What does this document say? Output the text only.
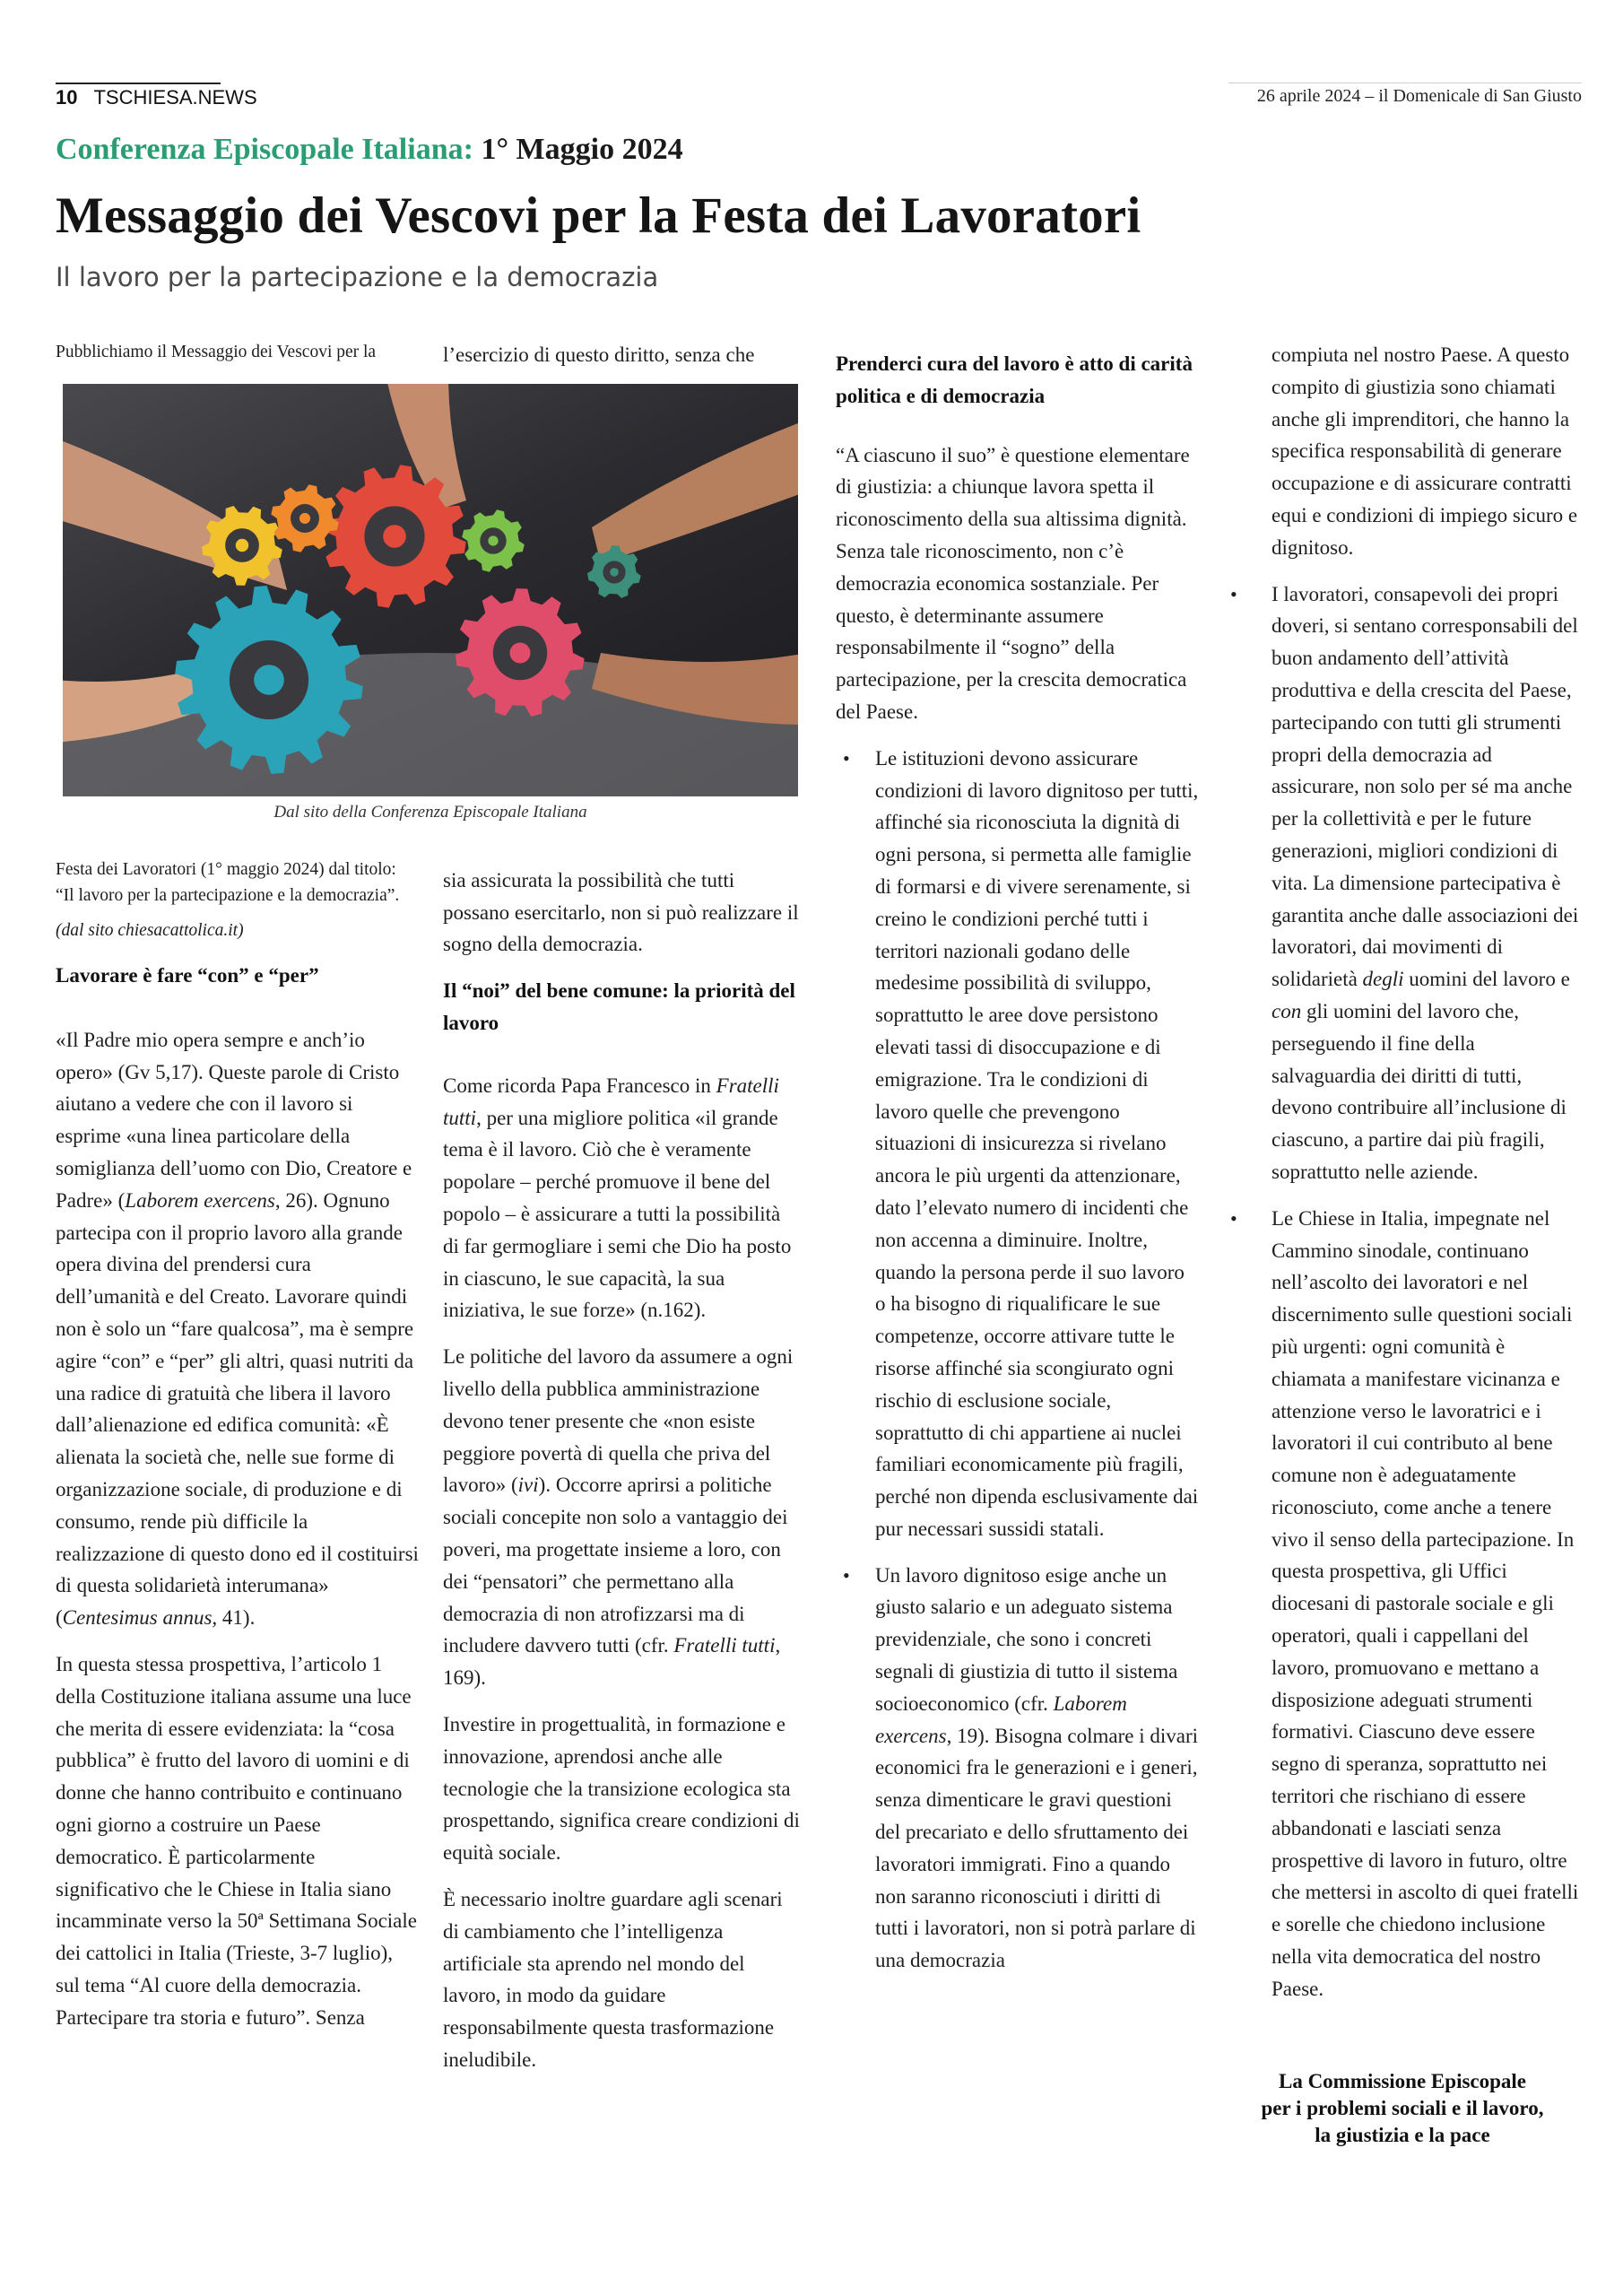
10 TSCHIESA.NEWS	26 aprile 2024 – il Domenicale di San Giusto
Conferenza Episcopale Italiana: 1° Maggio 2024
Messaggio dei Vescovi per la Festa dei Lavoratori
Il lavoro per la partecipazione e la democrazia

Pubblichiamo il Messaggio dei Vescovi per la

Festa dei Lavoratori (1° maggio 2024) dal titolo: “Il lavoro per la partecipazione e la democrazia”.

(dal sito chiesacattolica.it)

Lavorare è fare “con” e “per”

«Il Padre mio opera sempre e anch’io opero» (Gv 5,17). Queste parole di Cristo aiutano a vedere che con il lavoro si esprime «una linea particolare della somiglianza dell’uomo con Dio, Creatore e Padre» (Laborem exercens, 26). Ognuno partecipa con il proprio lavoro alla grande opera divina del prendersi cura dell’umanità e del Creato. Lavorare quindi non è solo un “fare qualcosa”, ma è sempre agire “con” e “per” gli altri, quasi nutriti da una radice di gratuità che libera il lavoro dall’alienazione ed edifica comunità: «È alienata la società che, nelle sue forme di organizzazione sociale, di produzione e di consumo, rende più difficile la realizzazione di questo dono ed il costituirsi di questa solidarietà interumana» (Centesimus annus, 41).

In questa stessa prospettiva, l’articolo 1 della Costituzione italiana assume una luce che merita di essere evidenziata: la “cosa pubblica” è frutto del lavoro di uomini e di donne che hanno contribuito e continuano ogni giorno a costruire un Paese democratico. È particolarmente significativo che le Chiese in Italia siano incamminate verso la 50ª Settimana Sociale dei cattolici in Italia (Trieste, 3-7 luglio), sul tema “Al cuore della democrazia. Partecipare tra storia e futuro”. Senza

l’esercizio di questo diritto, senza che

sia assicurata la possibilità che tutti possano esercitarlo, non si può realizzare il sogno della democrazia.

Il “noi” del bene comune: la priorità del lavoro

Come ricorda Papa Francesco in Fratelli tutti, per una migliore politica «il grande tema è il lavoro. Ciò che è veramente popolare – perché promuove il bene del popolo – è assicurare a tutti la possibilità di far germogliare i semi che Dio ha posto in ciascuno, le sue capacità, la sua iniziativa, le sue forze» (n.162).

Le politiche del lavoro da assumere a ogni livello della pubblica amministrazione devono tener presente che «non esiste peggiore povertà di quella che priva del lavoro» (ivi). Occorre aprirsi a politiche sociali concepite non solo a vantaggio dei poveri, ma progettate insieme a loro, con dei “pensatori” che permettano alla democrazia di non atrofizzarsi ma di includere davvero tutti (cfr. Fratelli tutti, 169).

Investire in progettualità, in formazione e innovazione, aprendosi anche alle tecnologie che la transizione ecologica sta prospettando, significa creare condizioni di equità sociale.

È necessario inoltre guardare agli scenari di cambiamento che l’intelligenza artificiale sta aprendo nel mondo del lavoro, in modo da guidare responsabilmente questa trasformazione ineludibile.

Prenderci cura del lavoro è atto di carità politica e di democrazia

“A ciascuno il suo” è questione elementare di giustizia: a chiunque lavora spetta il riconoscimento della sua altissima dignità. Senza tale riconoscimento, non c’è democrazia economica sostanziale. Per questo, è determinante assumere responsabilmente il “sogno” della partecipazione, per la crescita democratica del Paese.

• Le istituzioni devono assicurare condizioni di lavoro dignitoso per tutti, affinché sia riconosciuta la dignità di ogni persona, si permetta alle famiglie di formarsi e di vivere serenamente, si creino le condizioni perché tutti i territori nazionali godano delle medesime possibilità di sviluppo, soprattutto le aree dove persistono elevati tassi di disoccupazione e di emigrazione. Tra le condizioni di lavoro quelle che prevengono situazioni di insicurezza si rivelano ancora le più urgenti da attenzionare, dato l’elevato numero di incidenti che non accenna a diminuire. Inoltre, quando la persona perde il suo lavoro o ha bisogno di riqualificare le sue competenze, occorre attivare tutte le risorse affinché sia scongiurato ogni rischio di esclusione sociale, soprattutto di chi appartiene ai nuclei familiari economicamente più fragili, perché non dipenda esclusivamente dai pur necessari sussidi statali.
• Un lavoro dignitoso esige anche un giusto salario e un adeguato sistema previdenziale, che sono i concreti segnali di giustizia di tutto il sistema socioeconomico (cfr. Laborem exercens, 19). Bisogna colmare i divari economici fra le generazioni e i generi, senza dimenticare le gravi questioni del precariato e dello sfruttamento dei lavoratori immigrati. Fino a quando non saranno riconosciuti i diritti di tutti i lavoratori, non si potrà parlare di una democrazia

compiuta nel nostro Paese. A questo compito di giustizia sono chiamati anche gli imprenditori, che hanno la specifica responsabilità di generare occupazione e di assicurare contratti equi e condizioni di impiego sicuro e dignitoso.

• I lavoratori, consapevoli dei propri doveri, si sentano corresponsabili del buon andamento dell’attività produttiva e della crescita del Paese, partecipando con tutti gli strumenti propri della democrazia ad assicurare, non solo per sé ma anche per la collettività e per le future generazioni, migliori condizioni di vita. La dimensione partecipativa è garantita anche dalle associazioni dei lavoratori, dai movimenti di solidarietà degli uomini del lavoro e con gli uomini del lavoro che, perseguendo il fine della salvaguardia dei diritti di tutti, devono contribuire all’inclusione di ciascuno, a partire dai più fragili, soprattutto nelle aziende.
• Le Chiese in Italia, impegnate nel Cammino sinodale, continuano nell’ascolto dei lavoratori e nel discernimento sulle questioni sociali più urgenti: ogni comunità è chiamata a manifestare vicinanza e attenzione verso le lavoratrici e i lavoratori il cui contributo al bene comune non è adeguatamente riconosciuto, come anche a tenere vivo il senso della partecipazione. In questa prospettiva, gli Uffici diocesani di pastorale sociale e gli operatori, quali i cappellani del lavoro, promuovano e mettano a disposizione adeguati strumenti formativi. Ciascuno deve essere segno di speranza, soprattutto nei territori che rischiano di essere abbandonati e lasciati senza prospettive di lavoro in futuro, oltre che mettersi in ascolto di quei fratelli e sorelle che chiedono inclusione nella vita democratica del nostro Paese.
Dal sito della Conferenza Episcopale Italiana
La Commissione Episcopale
per i problemi sociali e il lavoro,
la giustizia e la pace
